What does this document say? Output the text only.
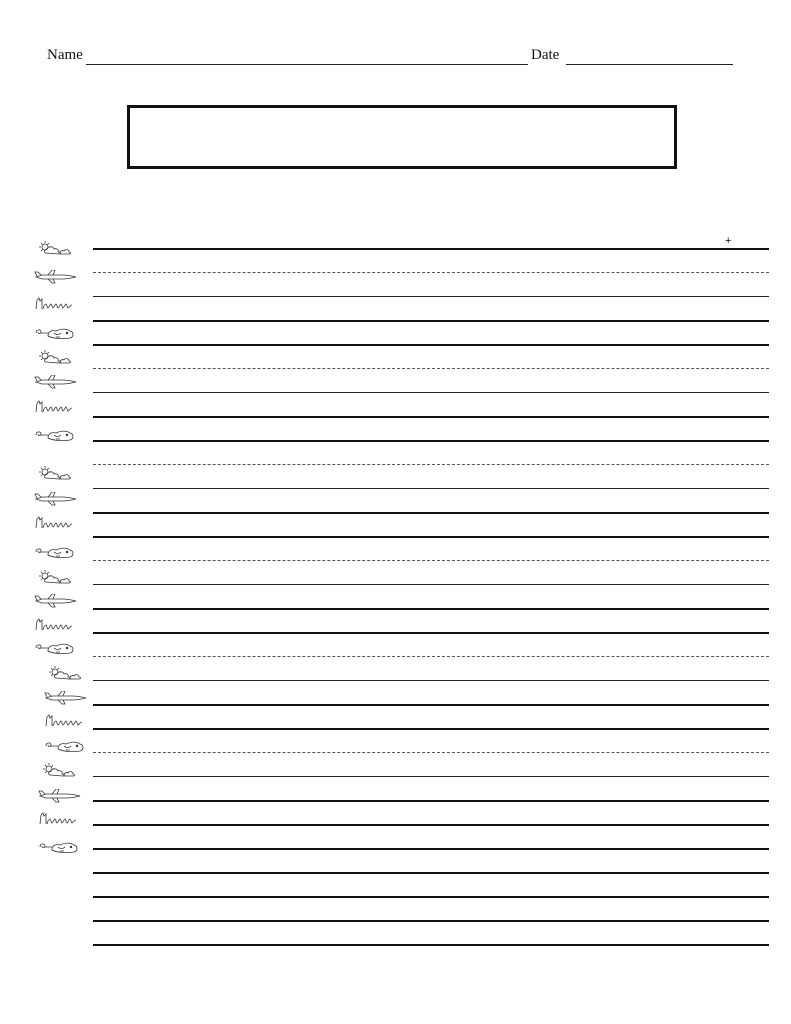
Name	Date
+
